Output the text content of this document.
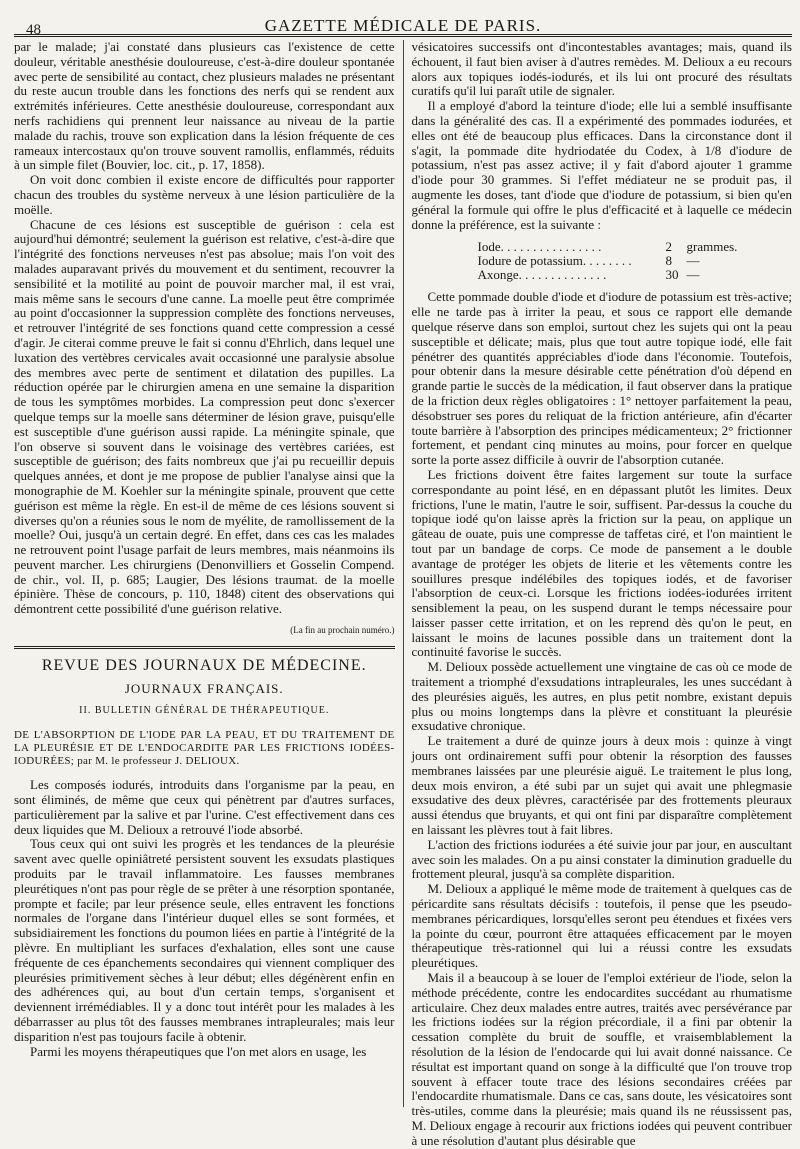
48	GAZETTE MÉDICALE DE PARIS.

par le malade; j'ai constaté dans plusieurs cas l'existence de cette douleur, véritable anesthésie douloureuse, c'est-à-dire douleur spontanée avec perte de sensibilité au contact, chez plusieurs malades ne présentant du reste aucun trouble dans les fonctions des nerfs qui se rendent aux extrémités inférieures. Cette anesthésie douloureuse, correspondant aux nerfs rachidiens qui prennent leur naissance au niveau de la partie malade du rachis, trouve son explication dans la lésion fréquente de ces rameaux intercostaux qu'on trouve souvent ramollis, enflammés, réduits à un simple filet (Bouvier, loc. cit., p. 17, 1858).

On voit donc combien il existe encore de difficultés pour rapporter chacun des troubles du système nerveux à une lésion particulière de la moëlle.

Chacune de ces lésions est susceptible de guérison : cela est aujourd'hui démontré; seulement la guérison est relative, c'est-à-dire que l'intégrité des fonctions nerveuses n'est pas absolue; mais l'on voit des malades auparavant privés du mouvement et du sentiment, recouvrer la sensibilité et la motilité au point de pouvoir marcher mal, il est vrai, mais même sans le secours d'une canne. La moelle peut être comprimée au point d'occasionner la suppression complète des fonctions nerveuses, et retrouver l'intégrité de ses fonctions quand cette compression a cessé d'agir. Je citerai comme preuve le fait si connu d'Ehrlich, dans lequel une luxation des vertèbres cervicales avait occasionné une paralysie absolue des membres avec perte de sentiment et dilatation des pupilles. La réduction opérée par le chirurgien amena en une semaine la disparition de tous les symptômes morbides. La compression peut donc s'exercer quelque temps sur la moelle sans déterminer de lésion grave, puisqu'elle est susceptible d'une guérison aussi rapide. La méningite spinale, que l'on observe si souvent dans le voisinage des vertèbres cariées, est susceptible de guérison; des faits nombreux que j'ai pu recueillir depuis quelques années, et dont je me propose de publier l'analyse ainsi que la monographie de M. Koehler sur la méningite spinale, prouvent que cette guérison est même la règle. En est-il de même de ces lésions souvent si diverses qu'on a réunies sous le nom de myélite, de ramollissement de la moelle? Oui, jusqu'à un certain degré. En effet, dans ces cas les malades ne retrouvent point l'usage parfait de leurs membres, mais néanmoins ils peuvent marcher. Les chirurgiens (Denonvilliers et Gosselin Compend. de chir., vol. II, p. 685; Laugier, Des lésions traumat. de la moelle épinière. Thèse de concours, p. 110, 1848) citent des observations qui démontrent cette possibilité d'une guérison relative.

(La fin au prochain numéro.)
REVUE DES JOURNAUX DE MÉDECINE.
JOURNAUX FRANÇAIS.
II. BULLETIN GÉNÉRAL DE THÉRAPEUTIQUE.

DE L'ABSORPTION DE L'IODE PAR LA PEAU, ET DU TRAITEMENT DE LA PLEURÉSIE ET DE L'ENDOCARDITE PAR LES FRICTIONS IODÉES-IODURÉES; par M. le professeur J. DELIOUX.

Les composés iodurés, introduits dans l'organisme par la peau, en sont éliminés, de même que ceux qui pénètrent par d'autres surfaces, particulièrement par la salive et par l'urine. C'est effectivement dans ces deux liquides que M. Delioux a retrouvé l'iode absorbé.

Tous ceux qui ont suivi les progrès et les tendances de la pleurésie savent avec quelle opiniâtreté persistent souvent les exsudats plastiques produits par le travail inflammatoire. Les fausses membranes pleurétiques n'ont pas pour règle de se prêter à une résorption spontanée, prompte et facile; par leur présence seule, elles entravent les fonctions normales de l'organe dans l'intérieur duquel elles se sont formées, et subsidiairement les fonctions du poumon liées en partie à l'intégrité de la plèvre. En multipliant les surfaces d'exhalation, elles sont une cause fréquente de ces épanchements secondaires qui viennent compliquer des pleurésies primitivement sèches à leur début; elles dégénèrent enfin en des adhérences qui, au bout d'un certain temps, s'organisent et deviennent irrémédiables. Il y a donc tout intérêt pour les malades à les débarrasser au plus tôt des fausses membranes intrapleurales; mais leur disparition n'est pas toujours facile à obtenir.

Parmi les moyens thérapeutiques que l'on met alors en usage, les

vésicatoires successifs ont d'incontestables avantages; mais, quand ils échouent, il faut bien aviser à d'autres remèdes. M. Delioux a eu recours alors aux topiques iodés-iodurés, et ils lui ont procuré des résultats curatifs qu'il lui paraît utile de signaler.

Il a employé d'abord la teinture d'iode; elle lui a semblé insuffisante dans la généralité des cas. Il a expérimenté des pommades iodurées, et elles ont été de beaucoup plus efficaces. Dans la circonstance dont il s'agit, la pommade dite hydriodatée du Codex, à 1/8 d'iodure de potassium, n'est pas assez active; il y fait d'abord ajouter 1 gramme d'iode pour 30 grammes. Si l'effet médiateur ne se produit pas, il augmente les doses, tant d'iode que d'iodure de potassium, si bien qu'en général la formule qui offre le plus d'efficacité et à laquelle ce médecin donne la préférence, est la suivante :

Iode. . . . . . . . . . . . . . . .	2	grammes.
Iodure de potassium. . . . . . . .	8	—
Axonge. . . . . . . . . . . . . .	30	—

Cette pommade double d'iode et d'iodure de potassium est très-active; elle ne tarde pas à irriter la peau, et sous ce rapport elle demande quelque réserve dans son emploi, surtout chez les sujets qui ont la peau susceptible et délicate; mais, plus que tout autre topique iodé, elle fait pénétrer des quantités appréciables d'iode dans l'économie. Toutefois, pour obtenir dans la mesure désirable cette pénétration d'où dépend en grande partie le succès de la médication, il faut observer dans la pratique de la friction deux règles obligatoires : 1° nettoyer parfaitement la peau, désobstruer ses pores du reliquat de la friction antérieure, afin d'écarter toute barrière à l'absorption des principes médicamenteux; 2° frictionner fortement, et pendant cinq minutes au moins, pour forcer en quelque sorte la porte assez difficile à ouvrir de l'absorption cutanée.

Les frictions doivent être faites largement sur toute la surface correspondante au point lésé, en en dépassant plutôt les limites. Deux frictions, l'une le matin, l'autre le soir, suffisent. Par-dessus la couche du topique iodé qu'on laisse après la friction sur la peau, on applique un gâteau de ouate, puis une compresse de taffetas ciré, et l'on maintient le tout par un bandage de corps. Ce mode de pansement a le double avantage de protéger les objets de literie et les vêtements contre les souillures presque indélébiles des topiques iodés, et de favoriser l'absorption de ceux-ci. Lorsque les frictions iodées-iodurées irritent sensiblement la peau, on les suspend durant le temps nécessaire pour laisser passer cette irritation, et on les reprend dès qu'on le peut, en laissant le moins de lacunes possible dans un traitement dont la continuité favorise le succès.

M. Delioux possède actuellement une vingtaine de cas où ce mode de traitement a triomphé d'exsudations intrapleurales, les unes succédant à des pleurésies aiguës, les autres, en plus petit nombre, existant depuis plus ou moins longtemps dans la plèvre et constituant la pleurésie exsudative chronique.

Le traitement a duré de quinze jours à deux mois : quinze à vingt jours ont ordinairement suffi pour obtenir la résorption des fausses membranes laissées par une pleurésie aiguë. Le traitement le plus long, deux mois environ, a été subi par un sujet qui avait une phlegmasie exsudative des deux plèvres, caractérisée par des frottements pleuraux aussi étendus que bruyants, et qui ont fini par disparaître complètement en laissant les plèvres tout à fait libres.

L'action des frictions iodurées a été suivie jour par jour, en auscultant avec soin les malades. On a pu ainsi constater la diminution graduelle du frottement pleural, jusqu'à sa complète disparition.

M. Delioux a appliqué le même mode de traitement à quelques cas de péricardite sans résultats décisifs : toutefois, il pense que les pseudo-membranes péricardiques, lorsqu'elles seront peu étendues et fixées vers la pointe du cœur, pourront être attaquées efficacement par le moyen thérapeutique très-rationnel qui lui a réussi contre les exsudats pleurétiques.

Mais il a beaucoup à se louer de l'emploi extérieur de l'iode, selon la méthode précédente, contre les endocardites succédant au rhumatisme articulaire. Chez deux malades entre autres, traités avec persévérance par les frictions iodées sur la région précordiale, il a fini par obtenir la cessation complète du bruit de souffle, et vraisemblablement la résolution de la lésion de l'endocarde qui lui avait donné naissance. Ce résultat est important quand on songe à la difficulté que l'on trouve trop souvent à effacer toute trace des lésions secondaires créées par l'endocardite rhumatismale. Dans ce cas, sans doute, les vésicatoires sont très-utiles, comme dans la pleurésie; mais quand ils ne réussissent pas, M. Delioux engage à recourir aux frictions iodées qui peuvent contribuer à une résolution d'autant plus désirable que
